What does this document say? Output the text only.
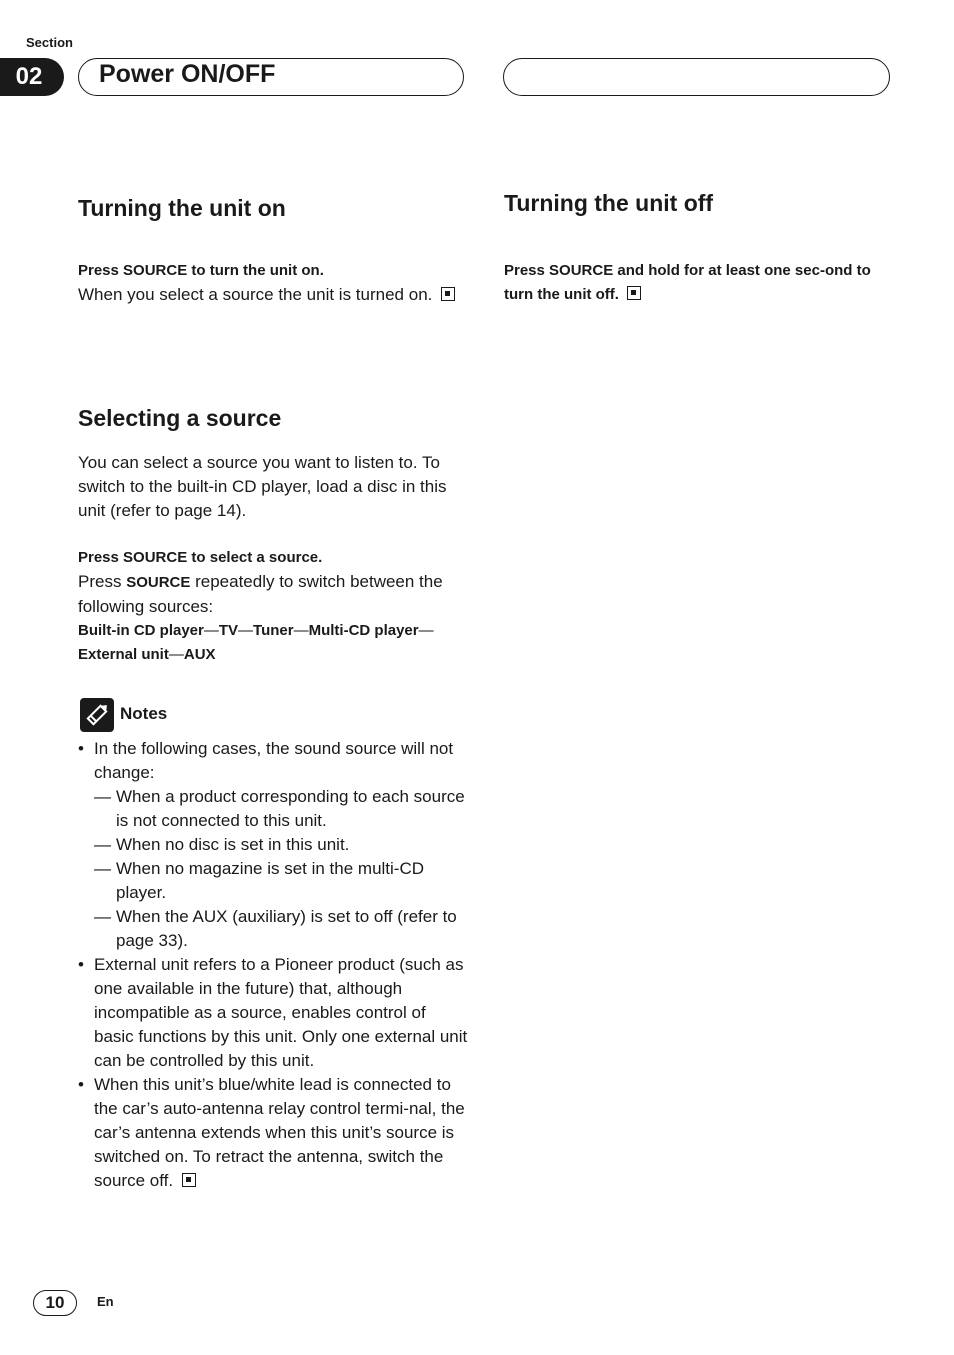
Section
02	Power ON/OFF
Turning the unit on

Press SOURCE to turn the unit on.

When you select a source the unit is turned on.

Selecting a source

You can select a source you want to listen to. To switch to the built-in CD player, load a disc in this unit (refer to page 14).

Press SOURCE to select a source.

Press SOURCE repeatedly to switch between the following sources:

Built-in CD player—TV—Tuner—Multi-CD player—External unit—AUX

Notes
• In the following cases, the sound source will not change:
— When a product corresponding to each source is not connected to this unit.
— When no disc is set in this unit.
— When no magazine is set in the multi-CD player.
— When the AUX (auxiliary) is set to off (refer to page 33).
• External unit refers to a Pioneer product (such as one available in the future) that, although incompatible as a source, enables control of basic functions by this unit. Only one external unit can be controlled by this unit.
• When this unit’s blue/white lead is connected to the car’s auto-antenna relay control termi-nal, the car’s antenna extends when this unit’s source is switched on. To retract the antenna, switch the source off.
Turning the unit off

Press SOURCE and hold for at least one sec-ond to turn the unit off.

10	En
